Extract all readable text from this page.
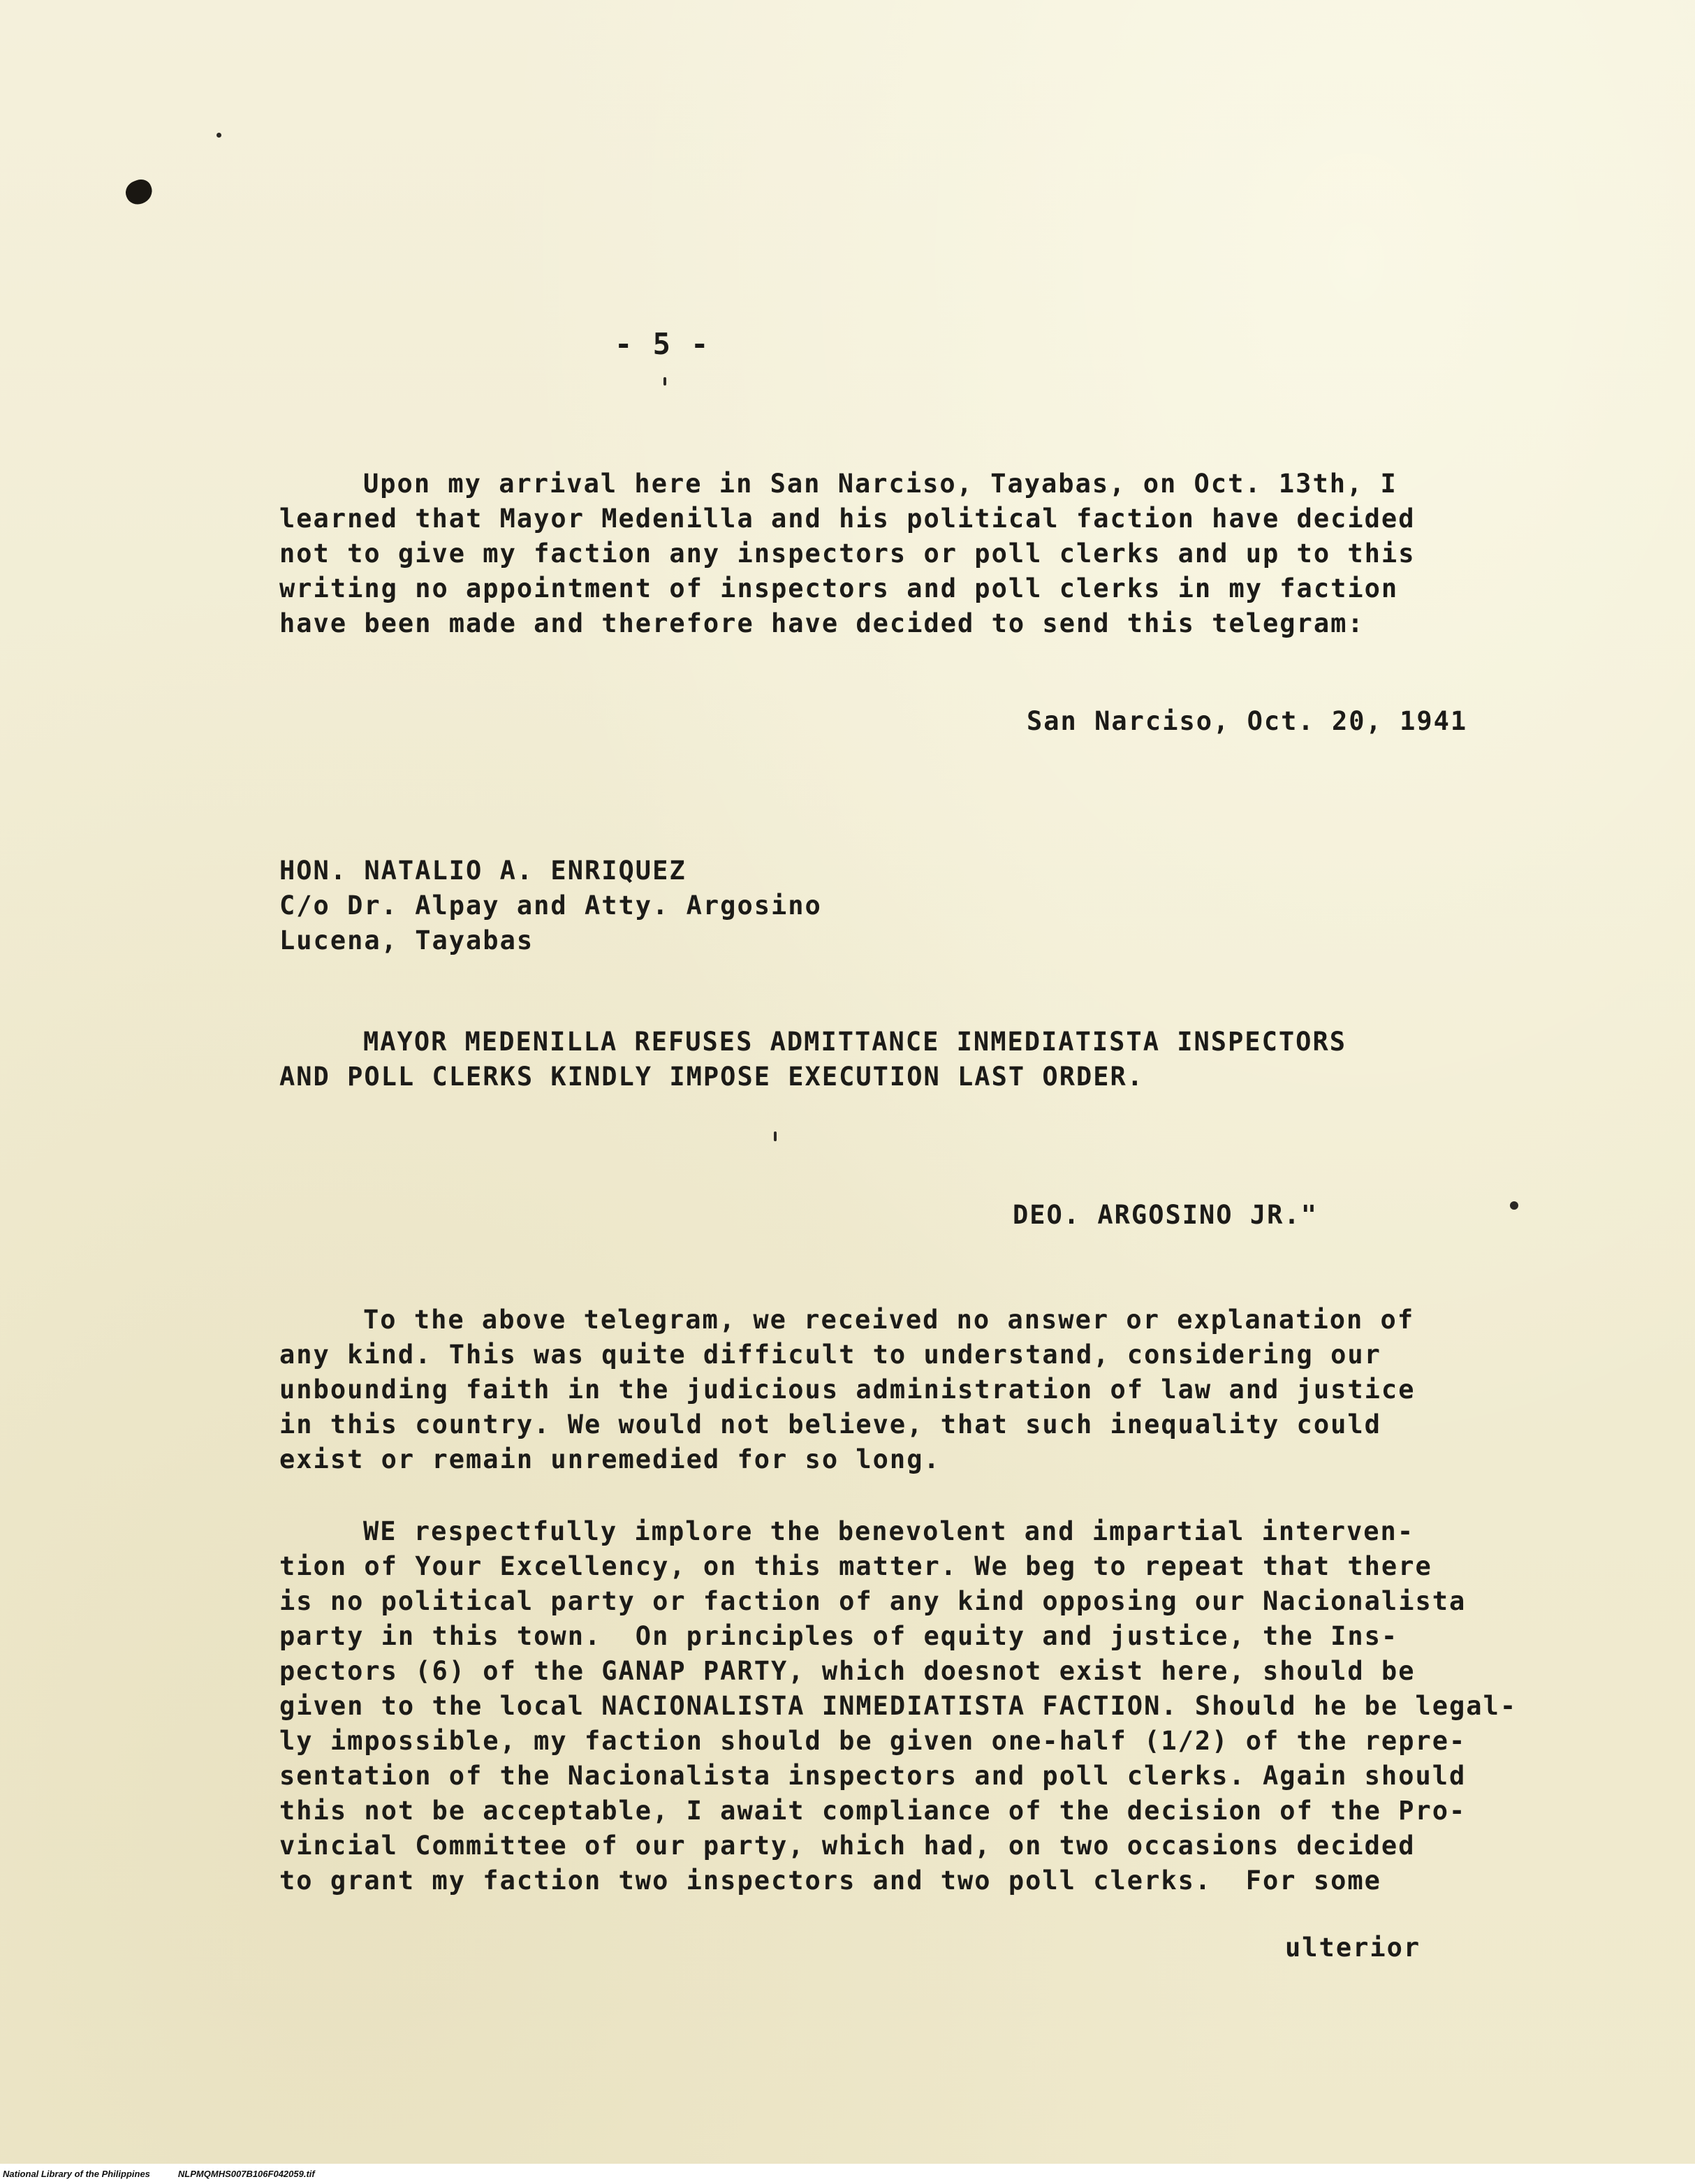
- 5 -
Upon my arrival here in San Narciso, Tayabas, on Oct. 13th, I
learned that Mayor Medenilla and his political faction have decided
not to give my faction any inspectors or poll clerks and up to this
writing no appointment of inspectors and poll clerks in my faction
have been made and therefore have decided to send this telegram:
San Narciso, Oct. 20, 1941
HON. NATALIO A. ENRIQUEZ
C/o Dr. Alpay and Atty. Argosino
Lucena, Tayabas
MAYOR MEDENILLA REFUSES ADMITTANCE INMEDIATISTA INSPECTORS
AND POLL CLERKS KINDLY IMPOSE EXECUTION LAST ORDER.
DEO. ARGOSINO JR."
To the above telegram, we received no answer or explanation of
any kind. This was quite difficult to understand, considering our
unbounding faith in the judicious administration of law and justice
in this country. We would not believe, that such inequality could
exist or remain unremedied for so long.
WE respectfully implore the benevolent and impartial interven-
tion of Your Excellency, on this matter. We beg to repeat that there
is no political party or faction of any kind opposing our Nacionalista
party in this town.  On principles of equity and justice, the Ins-
pectors (6) of the GANAP PARTY, which doesnot exist here, should be
given to the local NACIONALISTA INMEDIATISTA FACTION. Should he be legal-
ly impossible, my faction should be given one-half (1/2) of the repre-
sentation of the Nacionalista inspectors and poll clerks. Again should
this not be acceptable, I await compliance of the decision of the Pro-
vincial Committee of our party, which had, on two occasions decided
to grant my faction two inspectors and two poll clerks.  For some
ulterior
National Library of the Philippines	NLPMQMHS007B106F042059.tif
